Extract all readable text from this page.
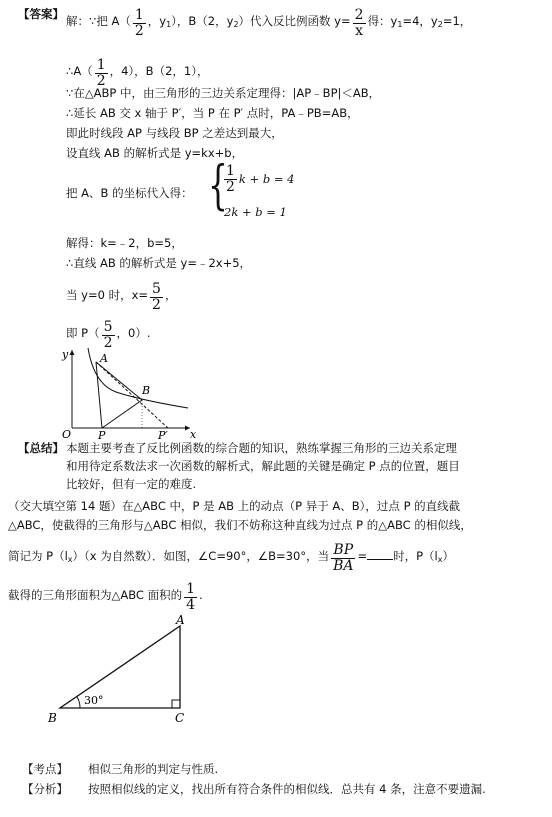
【答案】 解：∵把 $A( \frac{1}{2}$ ，$y_1$），B（2，$y_2$）代入反比例函数 $y= \frac{2}{x}$ 得：$y_1=4$，$y_2=1$，
∴A（ $\frac{1}{2}$ ，4），B（2，1），
∵在△ABP 中，由三角形的三边关系定理得：|AP﹣BP|＜AB，
∴延长 AB 交 x 轴于 P′，当 P 在 P′ 点时，PA﹣PB=AB，
即此时线段 AP 与线段 BP 之差达到最大，
设直线 AB 的解析式是 y=kx+b，
把 A、B 的坐标代入得： {
$\frac{1}{2}$ k + b = 4
2k + b = 1
解得：k=﹣2，b=5，
∴直线 AB 的解析式是 y=﹣2x+5，
当 y=0 时，$x= \frac{5}{2}$ ，
即 $P( \frac{5}{2}$ ，0）.
y
x
O
A
B
P	P′
【总结】 本题主要考查了反比例函数的综合题的知识，熟练掌握三角形的三边关系定理
和用待定系数法求一次函数的解析式，解此题的关键是确定 P 点的位置，题目
比较好，但有一定的难度.
（交大填空第 14 题）在△ABC 中，P 是 AB 上的动点（P 异于 A、B），过点 P 的直线截
△ABC，使截得的三角形与△ABC 相似，我们不妨称这种直线为过点 P 的△ABC 的相似线，
简记为 $P(l_x)(x$ 为自然数）．如图，∠C=90°，∠B=30°，当 $\frac{BP}{BA}$ = 时，$P(l_x)$
截得的三角形面积为△ABC 面积的 $\frac{1}{4}$ .
30°
A
B	C
【考点】 相似三角形的判定与性质.
【分析】 按照相似线的定义，找出所有符合条件的相似线．总共有 4 条，注意不要遗漏.
